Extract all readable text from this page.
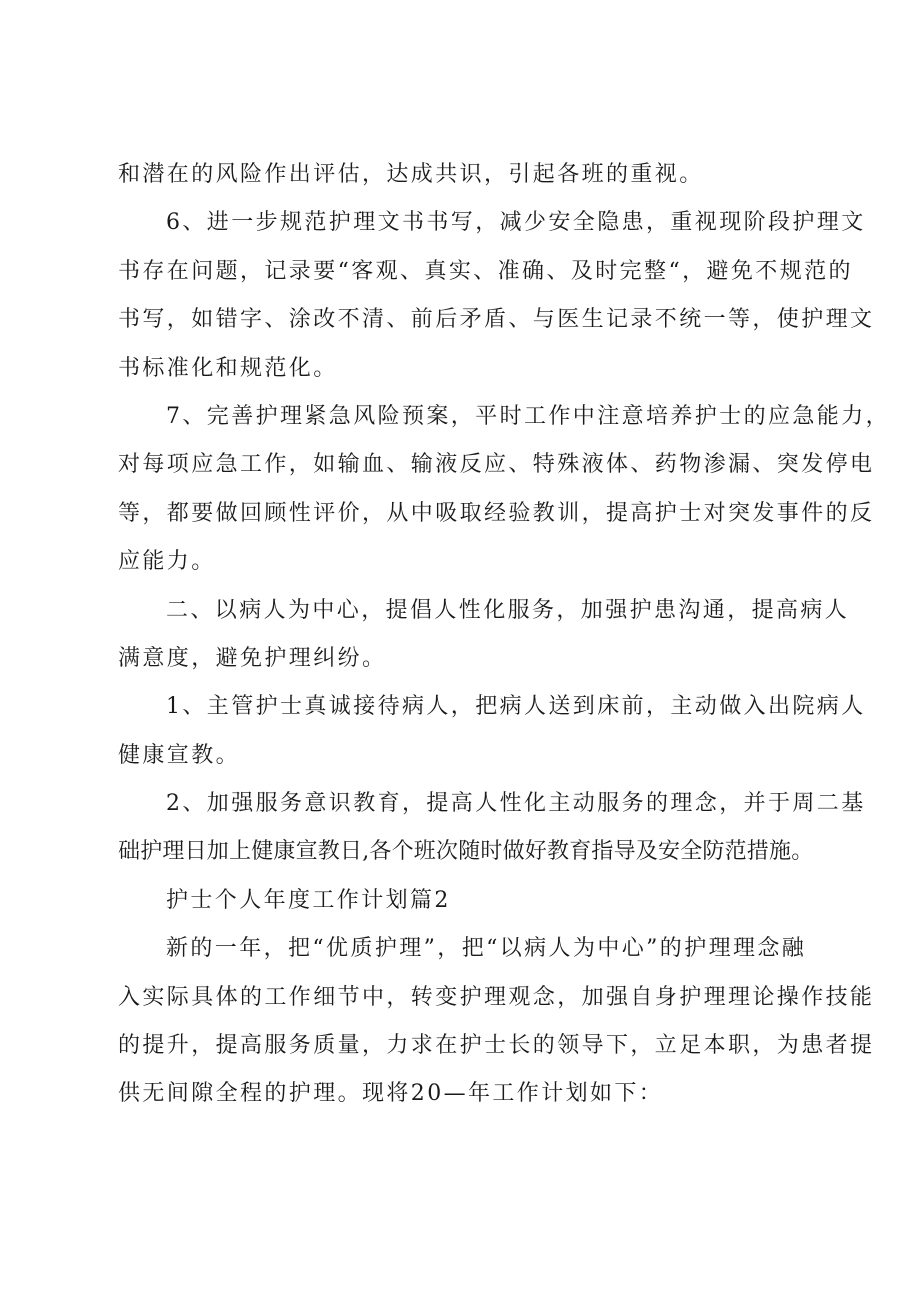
和潜在的风险作出评估，达成共识，引起各班的重视。
6、进一步规范护理文书书写，减少安全隐患，重视现阶段护理文
书存在问题，记录要“客观、真实、准确、及时完整“，避免不规范的
书写，如错字、涂改不清、前后矛盾、与医生记录不统一等，使护理文
书标准化和规范化。
7、完善护理紧急风险预案，平时工作中注意培养护士的应急能力，
对每项应急工作，如输血、输液反应、特殊液体、药物渗漏、突发停电
等，都要做回顾性评价，从中吸取经验教训，提高护士对突发事件的反
应能力。
二、以病人为中心，提倡人性化服务，加强护患沟通，提高病人
满意度，避免护理纠纷。
1、主管护士真诚接待病人，把病人送到床前，主动做入出院病人
健康宣教。
2、加强服务意识教育，提高人性化主动服务的理念，并于周二基
础护理日加上健康宣教日,各个班次随时做好教育指导及安全防范措施。
护士个人年度工作计划篇2
新的一年，把“优质护理”，把“以病人为中心”的护理理念融
入实际具体的工作细节中，转变护理观念，加强自身护理理论操作技能
的提升，提高服务质量，力求在护士长的领导下，立足本职，为患者提
供无间隙全程的护理。现将20—年工作计划如下：
